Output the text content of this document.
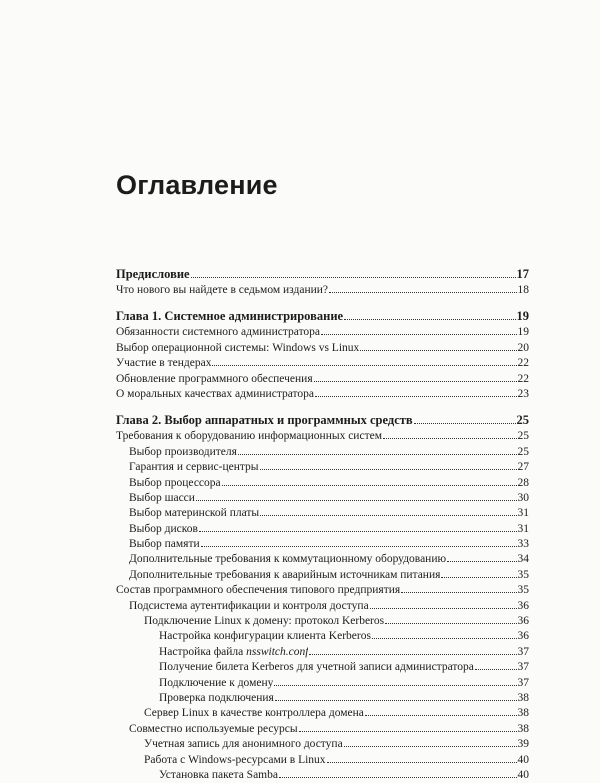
Оглавление
Предисловие	17
Что нового вы найдете в седьмом издании?	18
Глава 1. Системное администрирование	19
Обязанности системного администратора	19
Выбор операционной системы: Windows vs Linux	20
Участие в тендерах	22
Обновление программного обеспечения	22
О моральных качествах администратора	23
Глава 2. Выбор аппаратных и программных средств	25
Требования к оборудованию информационных систем	25
Выбор производителя	25
Гарантия и сервис-центры	27
Выбор процессора	28
Выбор шасси	30
Выбор материнской платы	31
Выбор дисков	31
Выбор памяти	33
Дополнительные требования к коммутационному оборудованию	34
Дополнительные требования к аварийным источникам питания	35
Состав программного обеспечения типового предприятия	35
Подсистема аутентификации и контроля доступа	36
Подключение Linux к домену: протокол Kerberos	36
Настройка конфигурации клиента Kerberos	36
Настройка файла nsswitch.conf	37
Получение билета Kerberos для учетной записи администратора	37
Подключение к домену	37
Проверка подключения	38
Сервер Linux в качестве контроллера домена	38
Совместно используемые ресурсы	38
Учетная запись для анонимного доступа	39
Работа с Windows-ресурсами в Linux	40
Установка пакета Samba	40
